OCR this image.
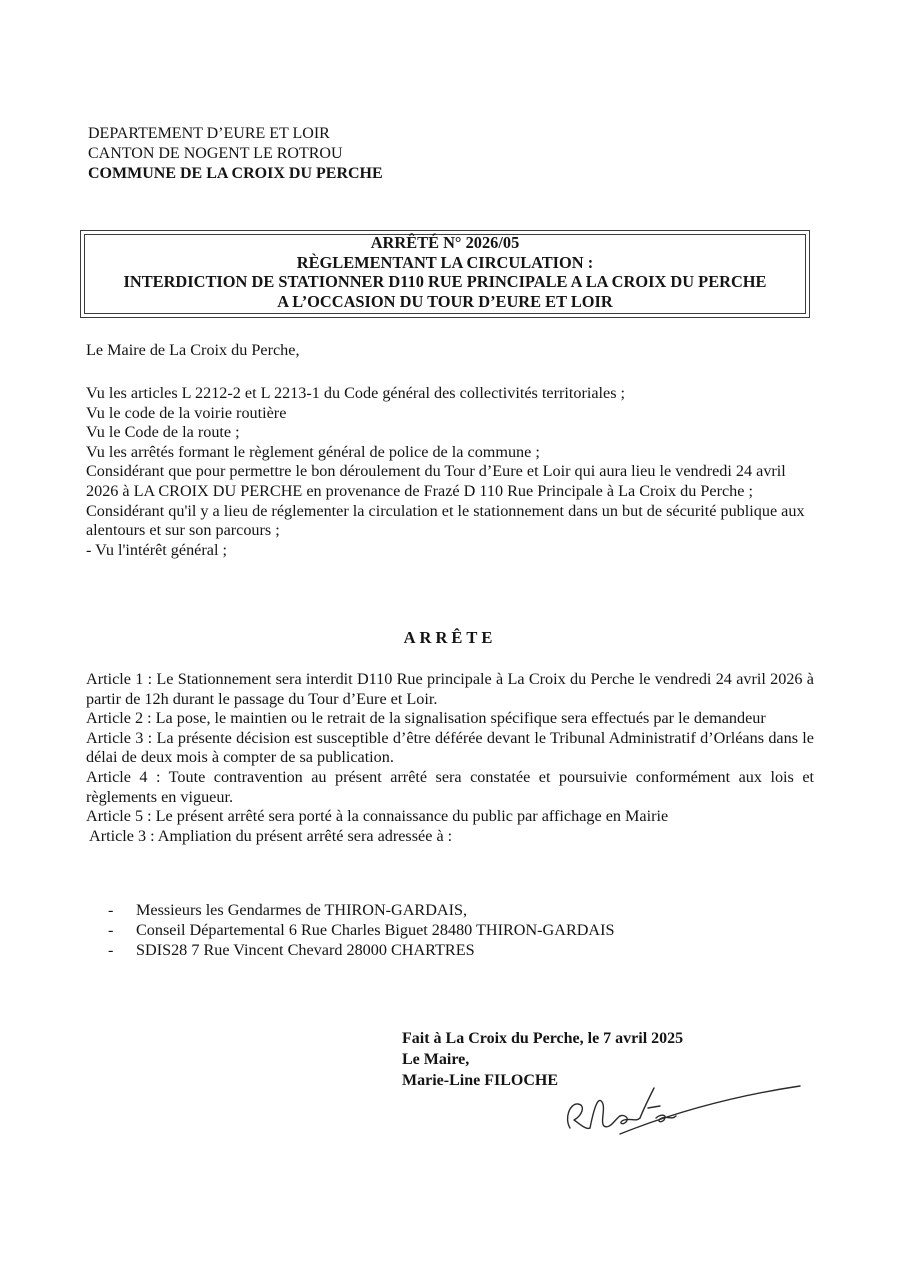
DEPARTEMENT D’EURE ET LOIR
CANTON DE NOGENT LE ROTROU
COMMUNE DE LA CROIX DU PERCHE
ARRÊTÉ N° 2026/05
RÈGLEMENTANT LA CIRCULATION :
INTERDICTION DE STATIONNER D110 RUE PRINCIPALE A LA CROIX DU PERCHE
A L’OCCASION DU TOUR D’EURE ET LOIR

Le Maire de La Croix du Perche,

Vu les articles L 2212-2 et L 2213-1 du Code général des collectivités territoriales ;

Vu le code de la voirie routière

Vu le Code de la route ;

Vu les arrêtés formant le règlement général de police de la commune ;

Considérant que pour permettre le bon déroulement du Tour d’Eure et Loir qui aura lieu le vendredi 24 avril 2026 à LA CROIX DU PERCHE en provenance de Frazé D 110 Rue Principale à La Croix du Perche ;

Considérant qu'il y a lieu de réglementer la circulation et le stationnement dans un but de sécurité publique aux alentours et sur son parcours ;

- Vu l'intérêt général ;

ARRÊTE

Article 1 : Le Stationnement sera interdit D110 Rue principale à La Croix du Perche le vendredi 24 avril 2026 à partir de 12h durant le passage du Tour d’Eure et Loir.

Article 2 : La pose, le maintien ou le retrait de la signalisation spécifique sera effectués par le demandeur

Article 3 : La présente décision est susceptible d’être déférée devant le Tribunal Administratif d’Orléans dans le délai de deux mois à compter de sa publication.

Article 4 : Toute contravention au présent arrêté sera constatée et poursuivie conformément aux lois et règlements en vigueur.

Article 5 : Le présent arrêté sera porté à la connaissance du public par affichage en Mairie

Article 3 : Ampliation du présent arrêté sera adressée à :

-	Messieurs les Gendarmes de THIRON-GARDAIS,
-	Conseil Départemental 6 Rue Charles Biguet 28480 THIRON-GARDAIS
-	SDIS28 7 Rue Vincent Chevard 28000 CHARTRES
Fait à La Croix du Perche, le 7 avril 2025
Le Maire,
Marie-Line FILOCHE
